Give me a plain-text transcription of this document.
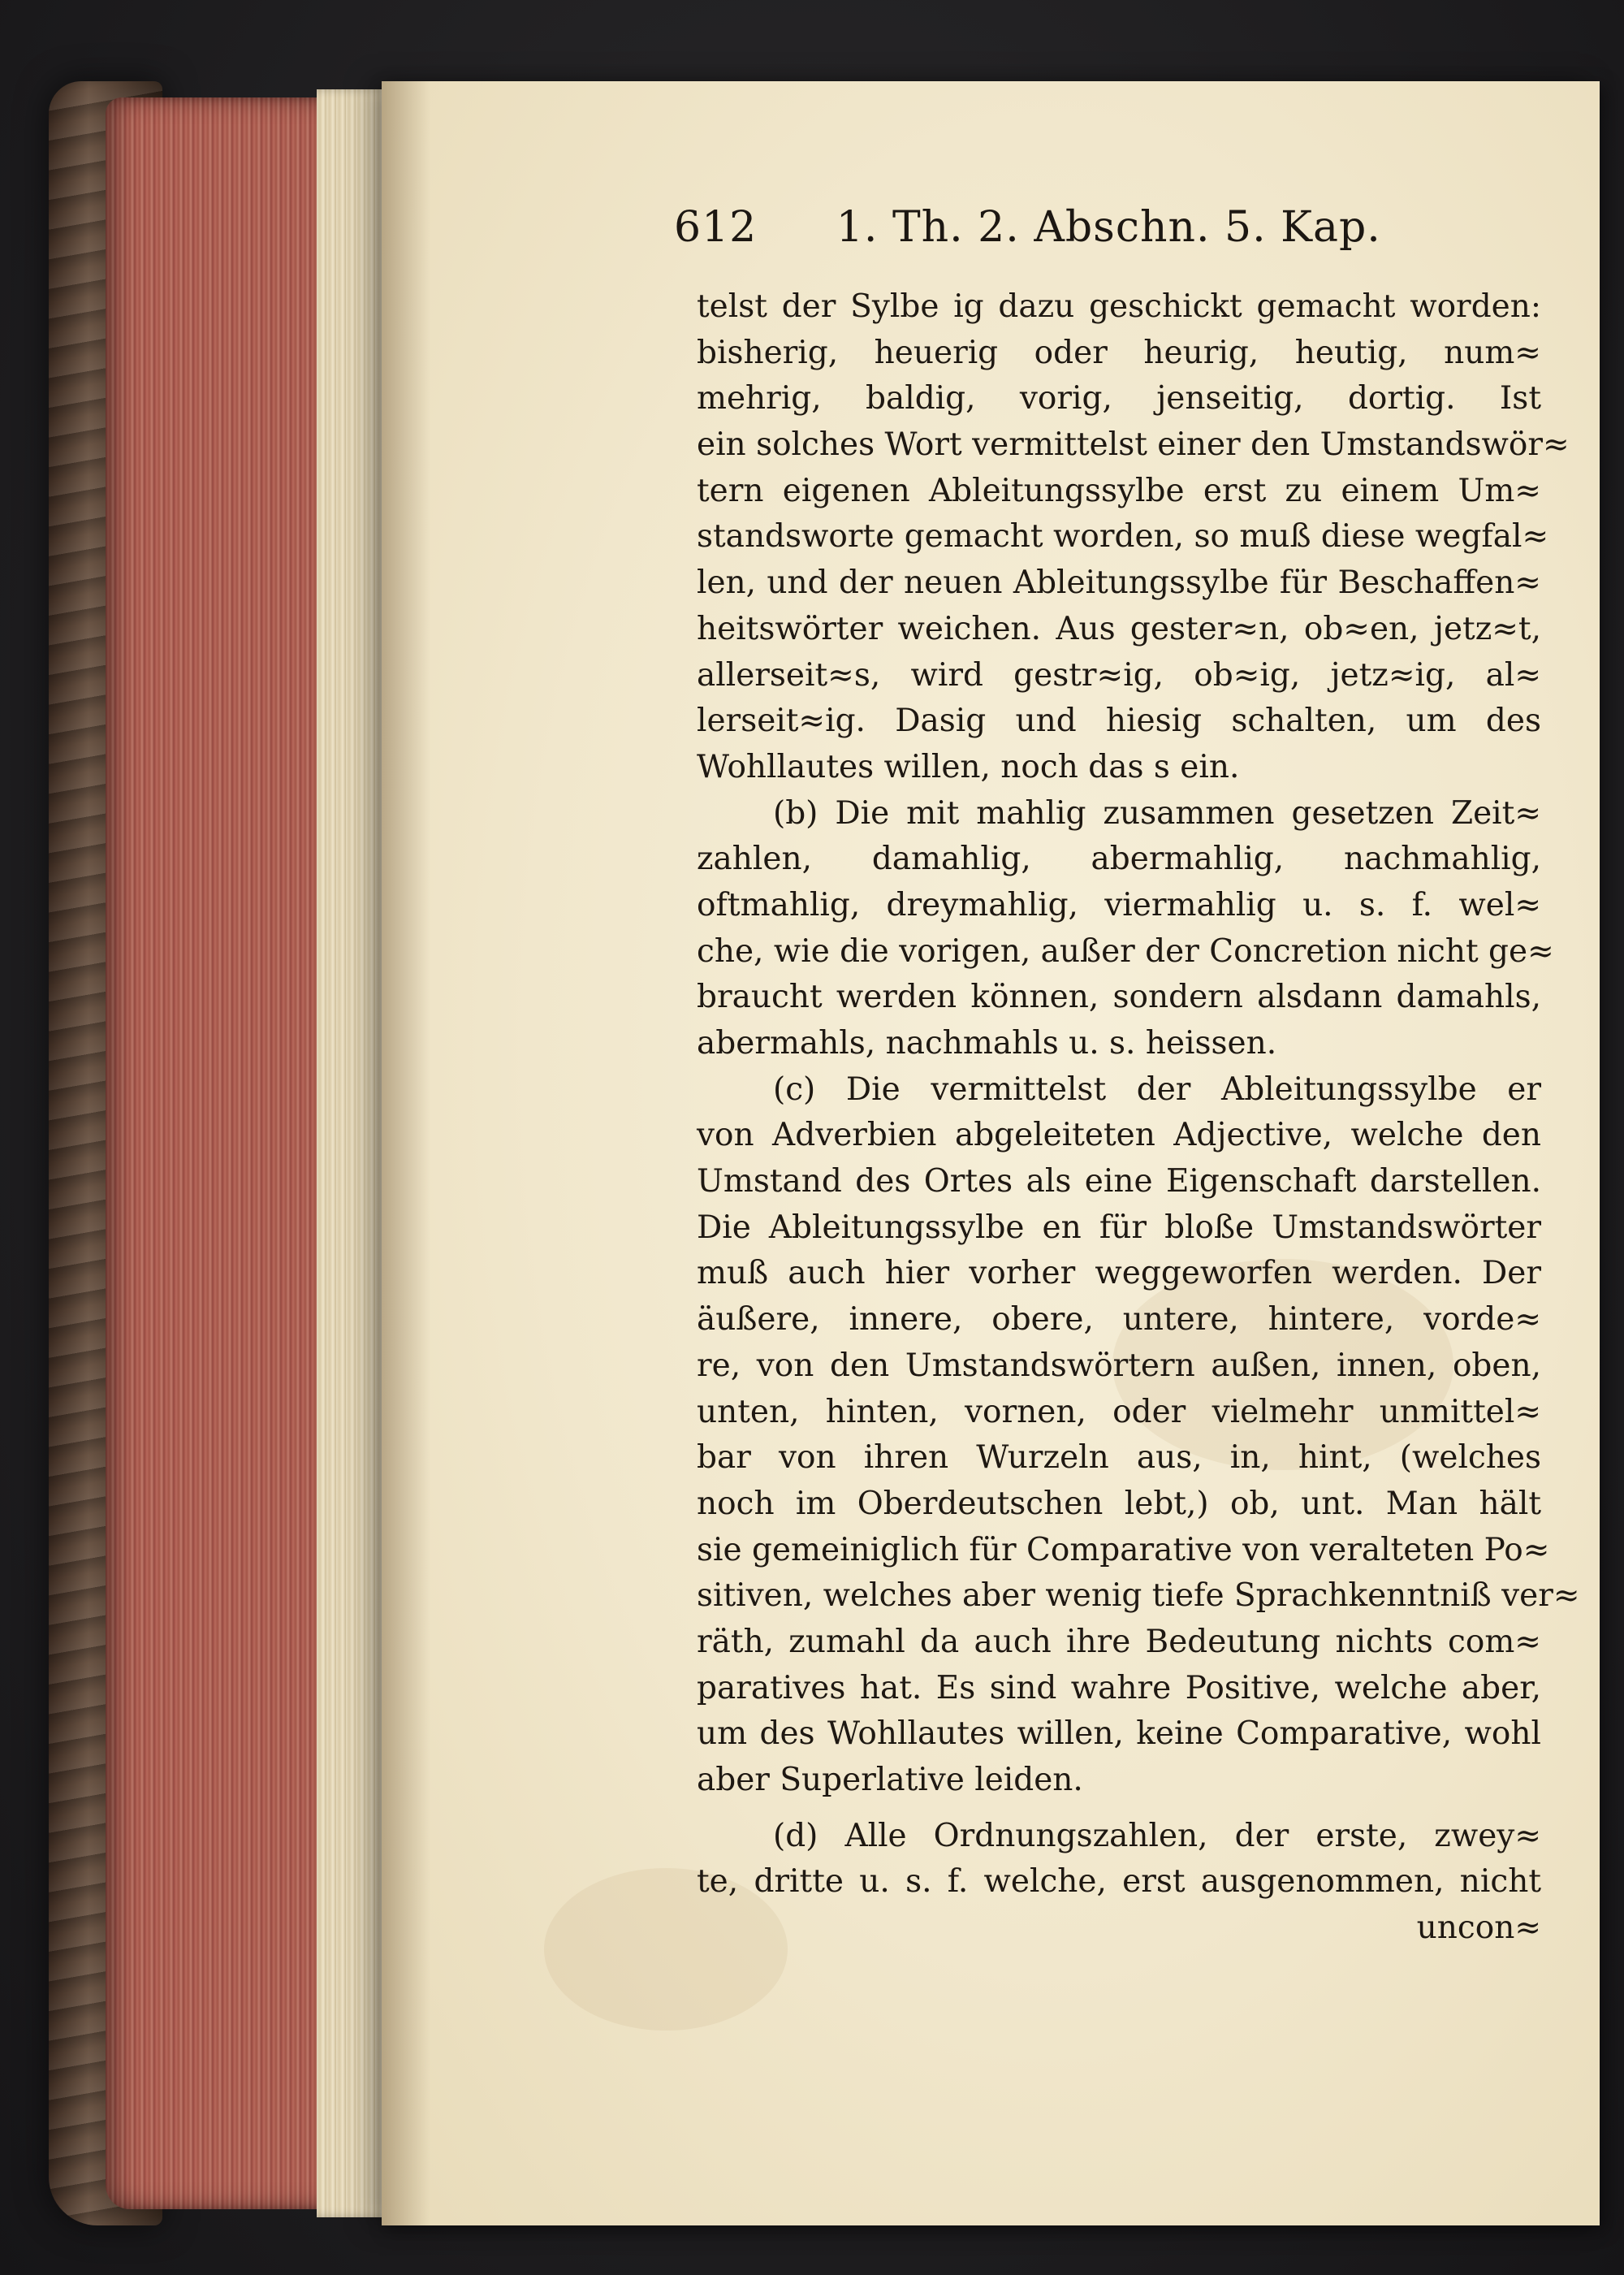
612 1. Th. 2. Abschn. 5. Kap.
telst der Sylbe ig dazu geschickt gemacht worden:
bisherig, heuerig oder heurig, heutig, num≈
mehrig, baldig, vorig, jenseitig, dortig. Ist
ein solches Wort vermittelst einer den Umstandswör≈
tern eigenen Ableitungssylbe erst zu einem Um≈
standsworte gemacht worden, so muß diese wegfal≈
len, und der neuen Ableitungssylbe für Beschaffen≈
heitswörter weichen. Aus gester≈n, ob≈en, jetz≈t,
allerseit≈s, wird gestr≈ig, ob≈ig, jetz≈ig, al≈
lerseit≈ig. Dasig und hiesig schalten, um des
Wohllautes willen, noch das s ein.
(b) Die mit mahlig zusammen gesetzen Zeit≈
zahlen, damahlig, abermahlig, nachmahlig,
oftmahlig, dreymahlig, viermahlig u. s. f. wel≈
che, wie die vorigen, außer der Concretion nicht ge≈
braucht werden können, sondern alsdann damahls,
abermahls, nachmahls u. s. heissen.
(c) Die vermittelst der Ableitungssylbe er
von Adverbien abgeleiteten Adjective, welche den
Umstand des Ortes als eine Eigenschaft darstellen.
Die Ableitungssylbe en für bloße Umstandswörter
muß auch hier vorher weggeworfen werden. Der
äußere, innere, obere, untere, hintere, vorde≈
re, von den Umstandswörtern außen, innen, oben,
unten, hinten, vornen, oder vielmehr unmittel≈
bar von ihren Wurzeln aus, in, hint, (welches
noch im Oberdeutschen lebt,) ob, unt. Man hält
sie gemeiniglich für Comparative von veralteten Po≈
sitiven, welches aber wenig tiefe Sprachkenntniß ver≈
räth, zumahl da auch ihre Bedeutung nichts com≈
paratives hat. Es sind wahre Positive, welche aber,
um des Wohllautes willen, keine Comparative, wohl
aber Superlative leiden.
(d) Alle Ordnungszahlen, der erste, zwey≈
te, dritte u. s. f. welche, erst ausgenommen, nicht
uncon≈
